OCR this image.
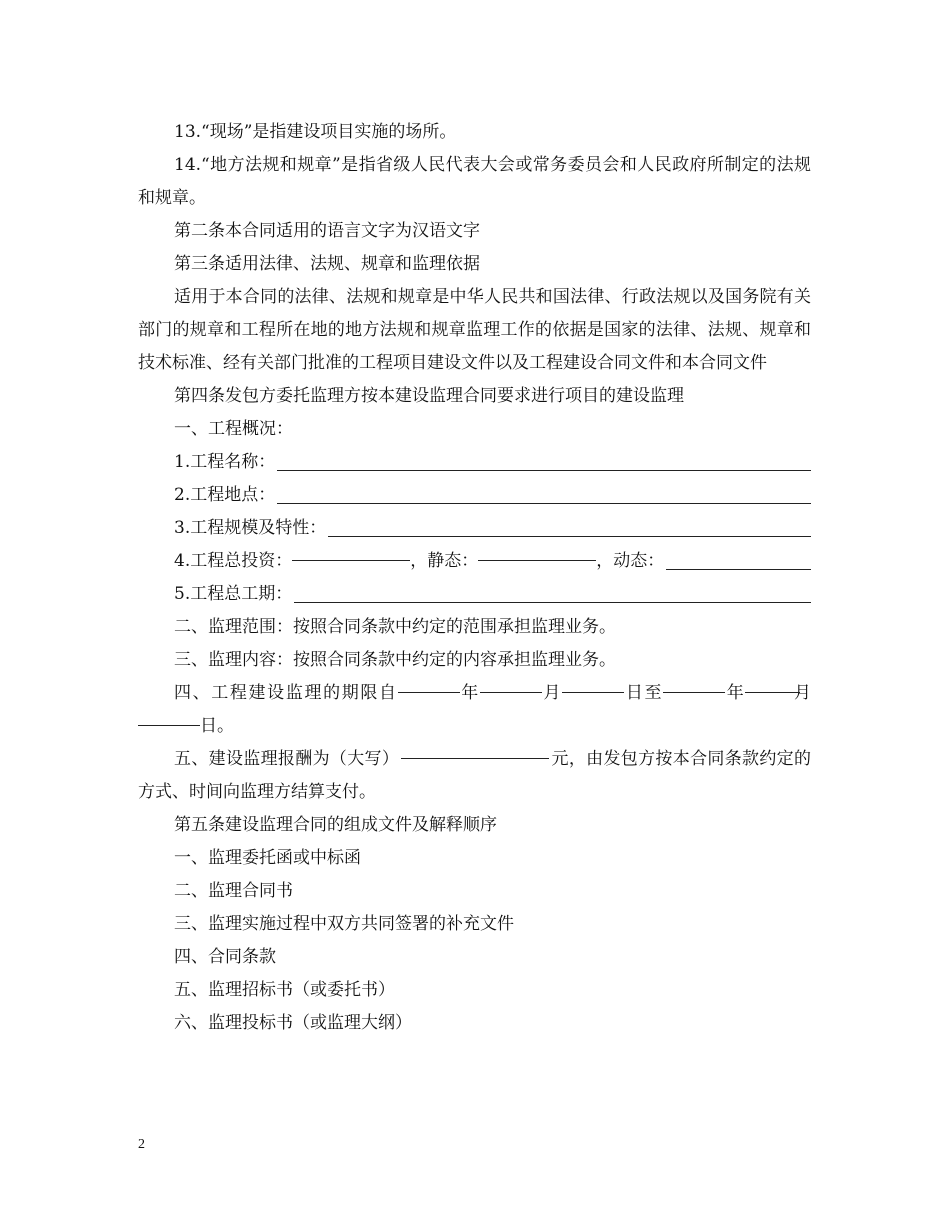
13.“现场”是指建设项目实施的场所。

14.“地方法规和规章”是指省级人民代表大会或常务委员会和人民政府所制定的法规和规章。

第二条本合同适用的语言文字为汉语文字

第三条适用法律、法规、规章和监理依据

适用于本合同的法律、法规和规章是中华人民共和国法律、行政法规以及国务院有关部门的规章和工程所在地的地方法规和规章监理工作的依据是国家的法律、法规、规章和技术标准、经有关部门批准的工程项目建设文件以及工程建设合同文件和本合同文件

第四条发包方委托监理方按本建设监理合同要求进行项目的建设监理

一、工程概况：

1.工程名称：
2.工程地点：
3.工程规模及特性：
4.工程总投资：	，静态：	，动态：
5.工程总工期：

二、监理范围：按照合同条款中约定的范围承担监理业务。

三、监理内容：按照合同条款中约定的内容承担监理业务。

四、工程建设监理的期限自	年	月	日至	年	月日。

五、建设监理报酬为（大写）	元，由发包方按本合同条款约定的方式、时间向监理方结算支付。

第五条建设监理合同的组成文件及解释顺序

一、监理委托函或中标函

二、监理合同书

三、监理实施过程中双方共同签署的补充文件

四、合同条款

五、监理招标书（或委托书）

六、监理投标书（或监理大纲）

2
